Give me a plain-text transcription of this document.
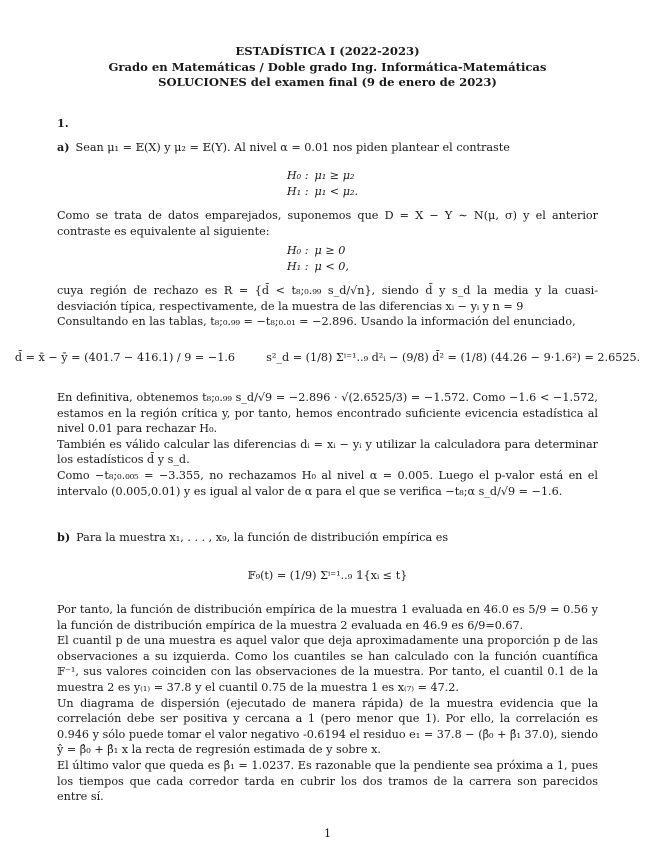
ESTADÍSTICA I (2022-2023)
Grado en Matemáticas / Doble grado Ing. Informática-Matemáticas
SOLUCIONES del examen final (9 de enero de 2023)
1.

a) Sean μ₁ = 𝔼(X) y μ₂ = 𝔼(Y). Al nivel α = 0.01 nos piden plantear el contraste

H₀ : μ₁ ≥ μ₂
H₁ : μ₁ < μ₂.

Como se trata de datos emparejados, suponemos que D = X − Y ∼ N(μ, σ) y el anterior contraste es equivalente al siguiente:

H₀ : μ ≥ 0
H₁ : μ < 0,

cuya región de rechazo es R = {d̄ < t₈;₀.₉₉ s_d/√n}, siendo d̄ y s_d la media y la cuasi-desviación típica, respectivamente, de la muestra de las diferencias xᵢ − yᵢ y n = 9

Consultando en las tablas, t₈;₀.₉₉ = −t₈;₀.₀₁ = −2.896. Usando la información del enunciado,

d̄ = x̄ − ȳ = (401.7 − 416.1) / 9 = −1.6	s²_d = (1/8) Σⁱ⁼¹..₉ d²ᵢ − (9/8) d̄² = (1/8) (44.26 − 9·1.6²) = 2.6525.

En definitiva, obtenemos t₈;₀.₉₉ s_d/√9 = −2.896 · √(2.6525/3) = −1.572. Como −1.6 < −1.572, estamos en la región crítica y, por tanto, hemos encontrado suficiente evicencia estadística al nivel 0.01 para rechazar H₀.

También es válido calcular las diferencias dᵢ = xᵢ − yᵢ y utilizar la calculadora para determinar los estadísticos d̄ y s_d.

Como −t₈;₀.₀₀₅ = −3.355, no rechazamos H₀ al nivel α = 0.005. Luego el p-valor está en el intervalo (0.005,0.01) y es igual al valor de α para el que se verifica −t₈;α s_d/√9 = −1.6.

b) Para la muestra x₁, . . . , x₉, la función de distribución empírica es

𝔽₉(t) = (1/9) Σⁱ⁼¹..₉ 𝟙{xᵢ ≤ t}

Por tanto, la función de distribución empírica de la muestra 1 evaluada en 46.0 es 5/9 = 0.56 y la función de distribución empírica de la muestra 2 evaluada en 46.9 es 6/9=0.67.

El cuantil p de una muestra es aquel valor que deja aproximadamente una proporción p de las observaciones a su izquierda. Como los cuantiles se han calculado con la función cuantífica 𝔽⁻¹, sus valores coinciden con las observaciones de la muestra. Por tanto, el cuantil 0.1 de la muestra 2 es y₍₁₎ = 37.8 y el cuantil 0.75 de la muestra 1 es x₍₇₎ = 47.2.

Un diagrama de dispersión (ejecutado de manera rápida) de la muestra evidencia que la correlación debe ser positiva y cercana a 1 (pero menor que 1). Por ello, la correlación es 0.946 y sólo puede tomar el valor negativo -0.6194 el residuo e₁ = 37.8 − (β̂₀ + β̂₁ 37.0), siendo ŷ = β̂₀ + β̂₁ x la recta de regresión estimada de y sobre x.

El último valor que queda es β̂₁ = 1.0237. Es razonable que la pendiente sea próxima a 1, pues los tiempos que cada corredor tarda en cubrir los dos tramos de la carrera son parecidos entre sí.

1
